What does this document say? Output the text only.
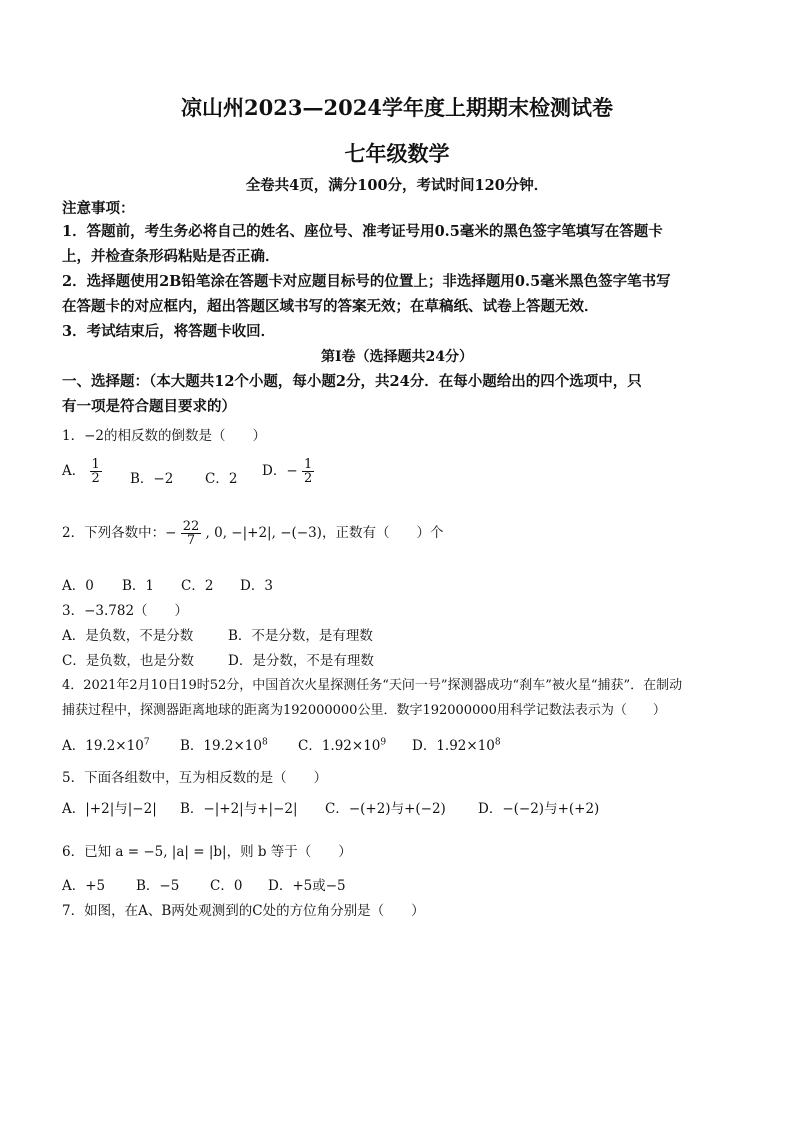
凉山州2023—2024学年度上期期末检测试卷
七年级数学
全卷共4页，满分100分，考试时间120分钟．
注意事项：
1．答题前，考生务必将自己的姓名、座位号、准考证号用0.5毫米的黑色签字笔填写在答题卡
上，并检查条形码粘贴是否正确．
2．选择题使用2B铅笔涂在答题卡对应题目标号的位置上；非选择题用0.5毫米黑色签字笔书写
在答题卡的对应框内，超出答题区域书写的答案无效；在草稿纸、试卷上答题无效．
3．考试结束后，将答题卡收回．
第Ⅰ卷（选择题共24分）
一、选择题：（本大题共12个小题，每小题2分，共24分．在每小题给出的四个选项中，只
有一项是符合题目要求的）
1．−2的相反数的倒数是（　　）
A． $\frac{1}{2}$ B．−2 C．2 D．− $\frac{1}{2}$
2．下列各数中：− $\frac{22}{7}$ , 0, −|+2|, −(−3)，正数有（　　）个
A．0 B．1 C．2 D．3
3．−3.782（　　）
A．是负数，不是分数	B．不是分数，是有理数
C．是负数，也是分数	D．是分数，不是有理数
4．2021年2月10日19时52分，中国首次火星探测任务“天问一号”探测器成功“刹车”被火星“捕获”．在制动
捕获过程中，探测器距离地球的距离为192000000公里．数字192000000用科学记数法表示为（　　）
A．$19.2\times 10^7$ B．$19.2\times 10^8$ C．$1.92\times 10^9$ D．$1.92\times 10^8$
5．下面各组数中，互为相反数的是（　　）
A．|+2|与|−2| B．−|+2|与+|−2| C．−(+2)与+(−2) D．−(−2)与+(+2)
6．已知 a = −5, |a| = |b|，则 b 等于（　　）
A．+5 B．−5 C．0 D．+5或−5
7．如图，在A、B两处观测到的C处的方位角分别是（　　）
